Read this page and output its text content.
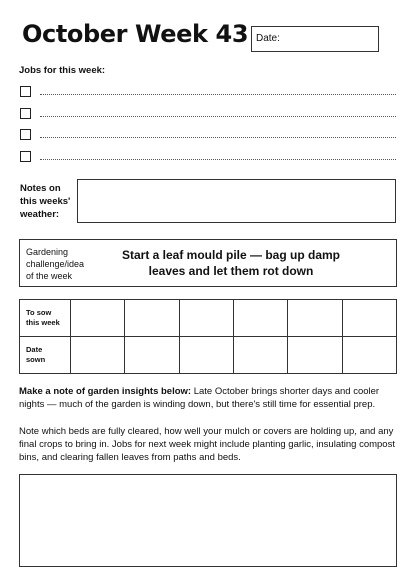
October Week 43 Date:
Jobs for this week:
Notes on
this weeks'
weather:
Gardening
challenge/idea
of the week
Start a leaf mould pile — bag up damp leaves and let them rot down
To sow
this week						

Date
sown						

Make a note of garden insights below: Late October brings shorter days and cooler nights — much of the garden is winding down, but there's still time for essential prep.
Note which beds are fully cleared, how well your mulch or covers are holding up, and any final crops to bring in. Jobs for next week might include planting garlic, insulating compost bins, and clearing fallen leaves from paths and beds.
